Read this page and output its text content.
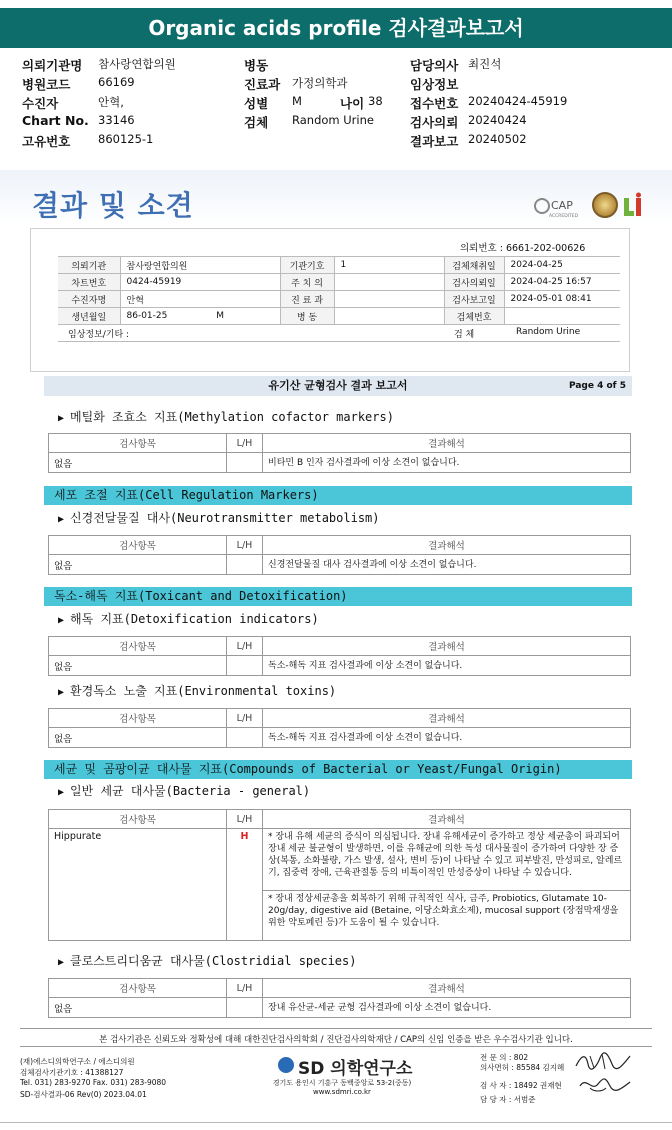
Organic acids profile 검사결과보고서
의뢰기관명 참사랑연합의원	병동	담당의사 최진석
병원코드 66169	진료과 가정의학과	임상정보
수진자	안혁,	성별 M	나이 38 접수번호 20240424-45919
Chart No. 33146	검체 Random Urine	검사의뢰 20240424
고유번호 860125-1	결과보고 20240502
결과 및 소견	CAP
ACCREDITED
의뢰번호 : 6661-202-00626
의뢰기관	참사랑연합의원	기관기호	1	검체채취일	2024-04-25
차트번호	0424-45919	주 치 의		검사의뢰일	2024-04-25 16:57
수진자명	안혁	진 료 과		검사보고일	2024-05-01 08:41
생년월일	86-01-25 M	병 동		검체번호	
임상정보/기타 :	검 체	Random Urine
유기산 균형검사 결과 보고서	Page 4 of 5
▶ 메틸화 조효소 지표(Methylation cofactor markers)
검사항목	L/H	결과해석
없음		비타민 B 인자 검사결과에 이상 소견이 없습니다.
세포 조절 지표(Cell Regulation Markers)
▶ 신경전달물질 대사(Neurotransmitter metabolism)
검사항목	L/H	결과해석
없음		신경전달물질 대사 검사결과에 이상 소견이 없습니다.
독소-해독 지표(Toxicant and Detoxification)
▶ 해독 지표(Detoxification indicators)
검사항목	L/H	결과해석
없음		독소-해독 지표 검사결과에 이상 소견이 없습니다.
▶ 환경독소 노출 지표(Environmental toxins)
검사항목	L/H	결과해석
없음		독소-해독 지표 검사결과에 이상 소견이 없습니다.
세균 및 곰팡이균 대사물 지표(Compounds of Bacterial or Yeast/Fungal Origin)
▶ 일반 세균 대사물(Bacteria - general)
검사항목	L/H	결과해석
Hippurate	H	* 장내 유해 세균의 증식이 의심됩니다. 장내 유해세균이 증가하고 정상 세균총이 파괴되어 장내 세균 불균형이 발생하면, 이를 유해균에 의한 독성 대사물질이 증가하여 다양한 장 증상(복통, 소화불량, 가스 발생, 설사, 변비 등)이 나타날 수 있고 피부발진, 만성피로, 알레르기, 집중력 장애, 근육관절통 등의 비특이적인 만성증상이 나타날 수 있습니다.
		* 장내 정상세균총을 회복하기 위해 규칙적인 식사, 금주, Probiotics, Glutamate 10-20g/day, digestive aid (Betaine, 이당소화효소제), mucosal support (장점막재생을 위한 약토페린 등)가 도움이 될 수 있습니다.
▶ 클로스트리디움균 대사물(Clostridial species)
검사항목	L/H	결과해석
없음		장내 유산균-세균 균형 검사결과에 이상 소견이 없습니다.
본 검사기관은 신뢰도와 정확성에 대해 대한진단검사의학회 / 진단검사의학재단 / CAP의 신임 인증을 받은 우수검사기관 입니다.
(재)에스디의학연구소 / 에스디의원
검체검사기관기호 : 41388127
Tel. 031) 283-9270 Fax. 031) 283-9080
SD-검사결과-06 Rev(0) 2023.04.01
SD 의학연구소
경기도 용인시 기흥구 동백중앙로 53-2(중동)
www.sdmri.co.kr
전 문 의 : 802
의사면허 : 85584 김지혜
검 사 자 : 18492 권재현
담 당 자 : 서범준
